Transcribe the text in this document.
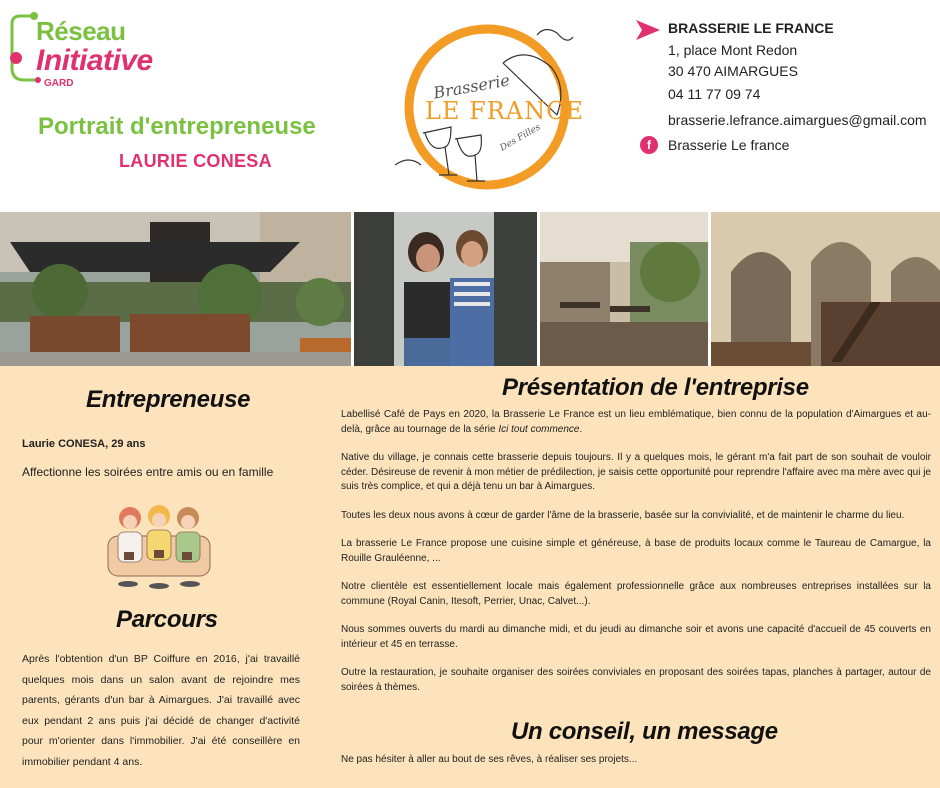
Réseau
Initiative
GARD
Portrait d'entrepreneuse
LAURIE CONESA
Brasserie
LE FRANCE
Des Filles
BRASSERIE LE FRANCE
1, place Mont Redon
30 470 AIMARGUES
04 11 77 09 74
brasserie.lefrance.aimargues@gmail.com
f	Brasserie Le france
Entrepreneuse
Laurie CONESA, 29 ans
Affectionne les soirées entre amis ou en famille
Parcours
Après l'obtention d'un BP Coiffure en 2016, j'ai travaillé quelques mois dans un salon avant de rejoindre mes parents, gérants d'un bar à Aimargues. J'ai travaillé avec eux pendant 2 ans puis j'ai décidé de changer d'activité pour m'orienter dans l'immobilier. J'ai été conseillère en immobilier pendant 4 ans.
Présentation de l'entreprise

Labellisé Café de Pays en 2020, la Brasserie Le France est un lieu emblématique, bien connu de la population d'Aimargues et au-delà, grâce au tournage de la série Ici tout commence.

Native du village, je connais cette brasserie depuis toujours. Il y a quelques mois, le gérant m'a fait part de son souhait de vouloir céder. Désireuse de revenir à mon métier de prédilection, je saisis cette opportunité pour reprendre l'affaire avec ma mère avec qui je suis très complice, et qui a déjà tenu un bar à Aimargues.

Toutes les deux nous avons à cœur de garder l'âme de la brasserie, basée sur la convivialité, et de maintenir le charme du lieu.

La brasserie Le France propose une cuisine simple et généreuse, à base de produits locaux comme le Taureau de Camargue, la Rouille Grauléenne, ...

Notre clientèle est essentiellement locale mais également professionnelle grâce aux nombreuses entreprises installées sur la commune (Royal Canin, Itesoft, Perrier, Unac, Calvet...).

Nous sommes ouverts du mardi au dimanche midi, et du jeudi au dimanche soir et avons une capacité d'accueil de 45 couverts en intérieur et 45 en terrasse.

Outre la restauration, je souhaite organiser des soirées conviviales en proposant des soirées tapas, planches à partager, autour de soirées à thèmes.

Un conseil, un message
Ne pas hésiter à aller au bout de ses rêves, à réaliser ses projets...
